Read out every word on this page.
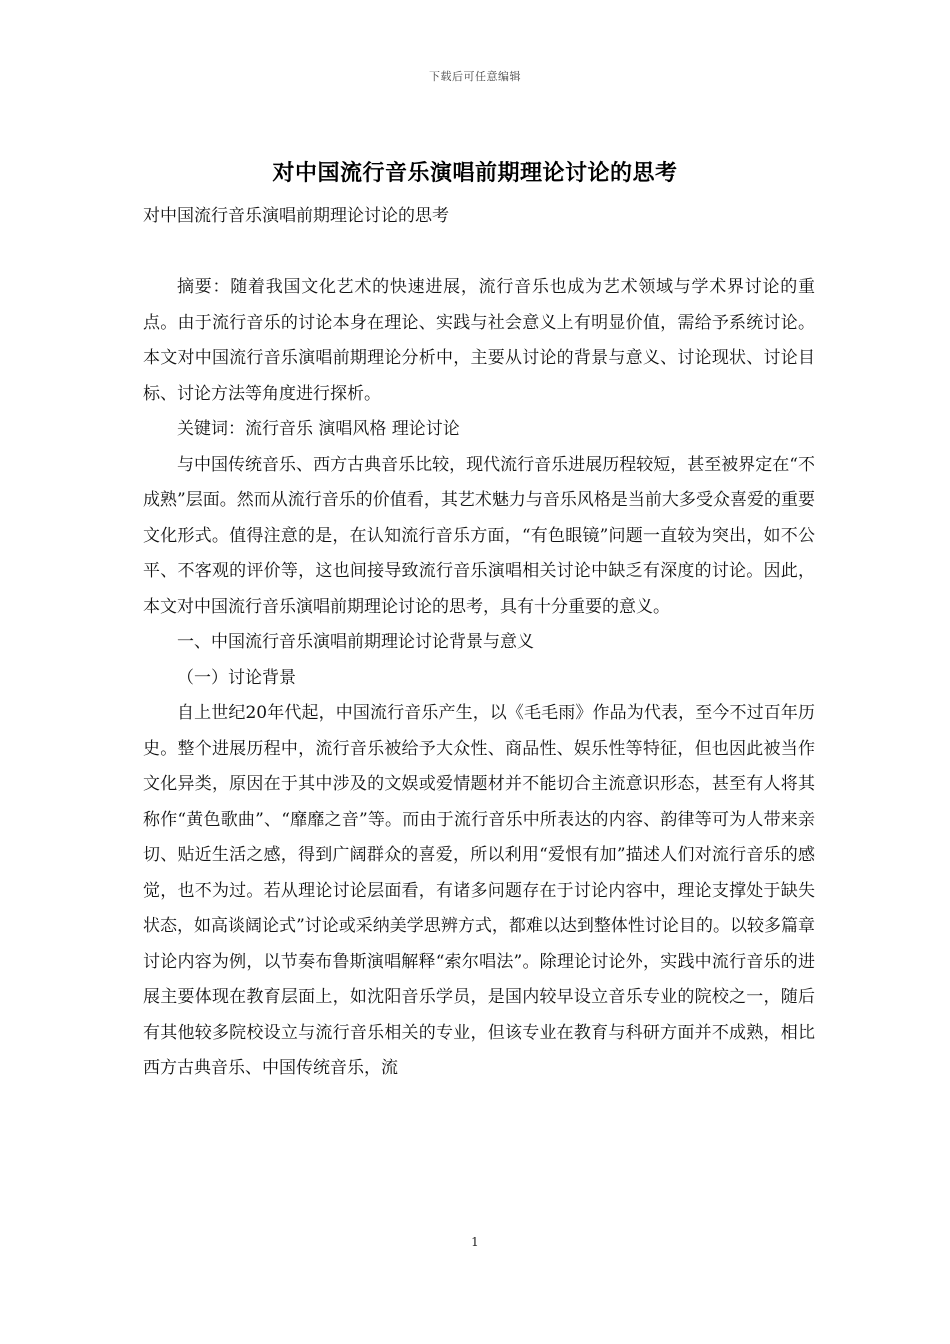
下载后可任意编辑
对中国流行音乐演唱前期理论讨论的思考
对中国流行音乐演唱前期理论讨论的思考

摘要：随着我国文化艺术的快速进展，流行音乐也成为艺术领域与学术界讨论的重点。由于流行音乐的讨论本身在理论、实践与社会意义上有明显价值，需给予系统讨论。本文对中国流行音乐演唱前期理论分析中，主要从讨论的背景与意义、讨论现状、讨论目标、讨论方法等角度进行探析。

关键词：流行音乐 演唱风格 理论讨论

与中国传统音乐、西方古典音乐比较，现代流行音乐进展历程较短，甚至被界定在“不成熟”层面。然而从流行音乐的价值看，其艺术魅力与音乐风格是当前大多受众喜爱的重要文化形式。值得注意的是，在认知流行音乐方面，“有色眼镜”问题一直较为突出，如不公平、不客观的评价等，这也间接导致流行音乐演唱相关讨论中缺乏有深度的讨论。因此，本文对中国流行音乐演唱前期理论讨论的思考，具有十分重要的意义。

一、中国流行音乐演唱前期理论讨论背景与意义

（一）讨论背景

自上世纪20年代起，中国流行音乐产生，以《毛毛雨》作品为代表，至今不过百年历史。整个进展历程中，流行音乐被给予大众性、商品性、娱乐性等特征，但也因此被当作文化异类，原因在于其中涉及的文娱或爱情题材并不能切合主流意识形态，甚至有人将其称作“黄色歌曲”、“靡靡之音”等。而由于流行音乐中所表达的内容、韵律等可为人带来亲切、贴近生活之感，得到广阔群众的喜爱，所以利用“爱恨有加”描述人们对流行音乐的感觉，也不为过。若从理论讨论层面看，有诸多问题存在于讨论内容中，理论支撑处于缺失状态，如高谈阔论式”讨论或采纳美学思辨方式，都难以达到整体性讨论目的。以较多篇章讨论内容为例，以节奏布鲁斯演唱解释“索尔唱法”。除理论讨论外，实践中流行音乐的进展主要体现在教育层面上，如沈阳音乐学员，是国内较早设立音乐专业的院校之一，随后有其他较多院校设立与流行音乐相关的专业，但该专业在教育与科研方面并不成熟，相比西方古典音乐、中国传统音乐，流

1
